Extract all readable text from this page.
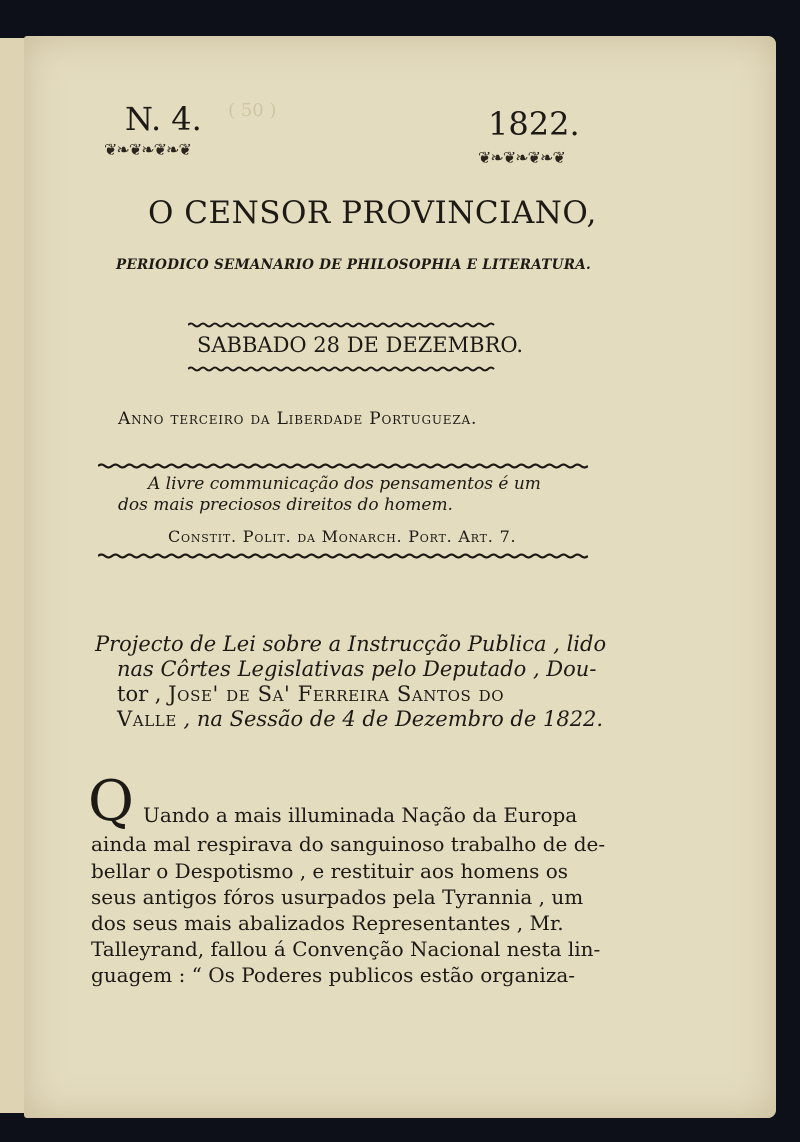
( 50 )
N. 4.	1822.
❦❧❦❧❦❧❦	❦❧❦❧❦❧❦
O CENSOR PROVINCIANO,
PERIODICO SEMANARIO DE PHILOSOPHIA E LITERATURA.
SABBADO 28 DE DEZEMBRO.
Anno terceiro da Liberdade Portugueza.
A livre communicação dos pensamentos é um
dos mais preciosos direitos do homem.
Constit. Polit. da Monarch. Port. Art. 7.
Projecto de Lei sobre a Instrucção Publica , lido
nas Côrtes Legislativas pelo Deputado , Dou-
tor , Jose' de Sa' Ferreira Santos do
Valle , na Sessão de 4 de Dezembro de 1822.
Q Uando a mais illuminada Nação da Europa
ainda mal respirava do sanguinoso trabalho de de-
bellar o Despotismo , e restituir aos homens os
seus antigos fóros usurpados pela Tyrannia , um
dos seus mais abalizados Representantes , Mr.
Talleyrand, fallou á Convenção Nacional nesta lin-
guagem : “ Os Poderes publicos estão organiza-
